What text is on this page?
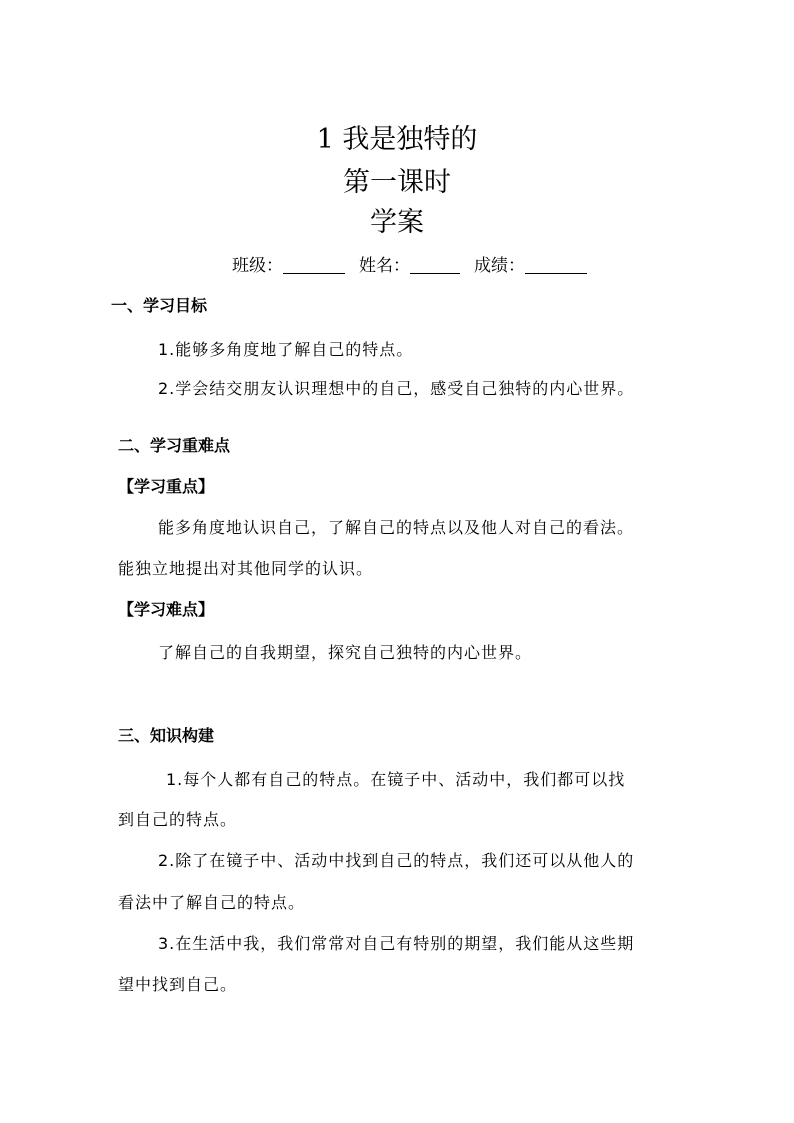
1 我是独特的
第一课时
学案
班级：	姓名：	成绩：
一、学习目标
1.能够多角度地了解自己的特点。
2.学会结交朋友认识理想中的自己，感受自己独特的内心世界。
二、学习重难点
【学习重点】
能多角度地认识自己，了解自己的特点以及他人对自己的看法。
能独立地提出对其他同学的认识。
【学习难点】
了解自己的自我期望，探究自己独特的内心世界。
三、知识构建
1.每个人都有自己的特点。在镜子中、活动中，我们都可以找
到自己的特点。
2.除了在镜子中、活动中找到自己的特点，我们还可以从他人的
看法中了解自己的特点。
3.在生活中我，我们常常对自己有特别的期望，我们能从这些期
望中找到自己。
